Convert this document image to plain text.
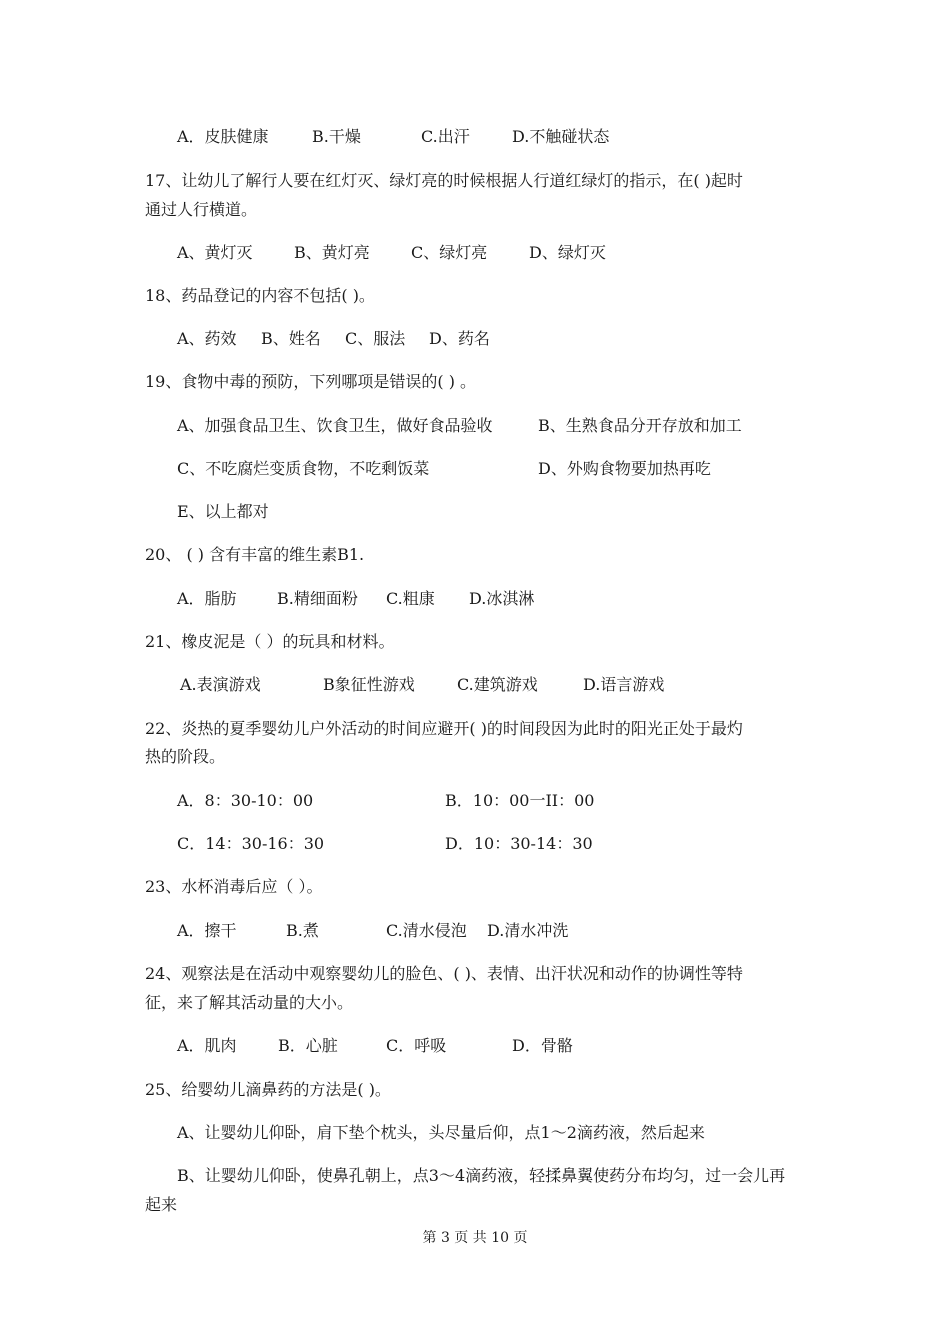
A．皮肤健康	B.干燥	C.出汗	D.不触碰状态
17、让幼儿了解行人要在红灯灭、绿灯亮的时候根据人行道红绿灯的指示，在( )起时
通过人行横道。
A、黄灯灭	B、黄灯亮	C、绿灯亮	D、绿灯灭
18、药品登记的内容不包括( )。
A、药效 B、姓名 C、服法 D、药名
19、食物中毒的预防，下列哪项是错误的( ) 。
A、加强食品卫生、饮食卫生，做好食品验收	B、生熟食品分开存放和加工
C、不吃腐烂变质食物，不吃剩饭菜	D、外购食物要加热再吃
E、以上都对
20、 ( ) 含有丰富的维生素B1.
A．脂肪	B.精细面粉 C.粗康 D.冰淇淋
21、橡皮泥是（ ）的玩具和材料。
A.表演游戏	B象征性游戏	C.建筑游戏	D.语言游戏
22、炎热的夏季婴幼儿户外活动的时间应避开( )的时间段因为此时的阳光正处于最灼
热的阶段。
A．8：30-10：00	B．10：00一II：00
C．14：30-16：30	D．10：30-14：30
23、水杯消毒后应（ ）。
A．擦干	B.煮	C.清水侵泡 D.清水冲洗
24、观察法是在活动中观察婴幼儿的脸色、( )、表情、出汗状况和动作的协调性等特
征，来了解其活动量的大小。
A．肌肉	B．心脏	C．呼吸	D．骨骼
25、给婴幼儿滴鼻药的方法是( )。
A、让婴幼儿仰卧，肩下垫个枕头，头尽量后仰，点1～2滴药液，然后起来
B、让婴幼儿仰卧，使鼻孔朝上，点3～4滴药液，轻揉鼻翼使药分布均匀，过一会儿再
起来
第 3 页 共 10 页
